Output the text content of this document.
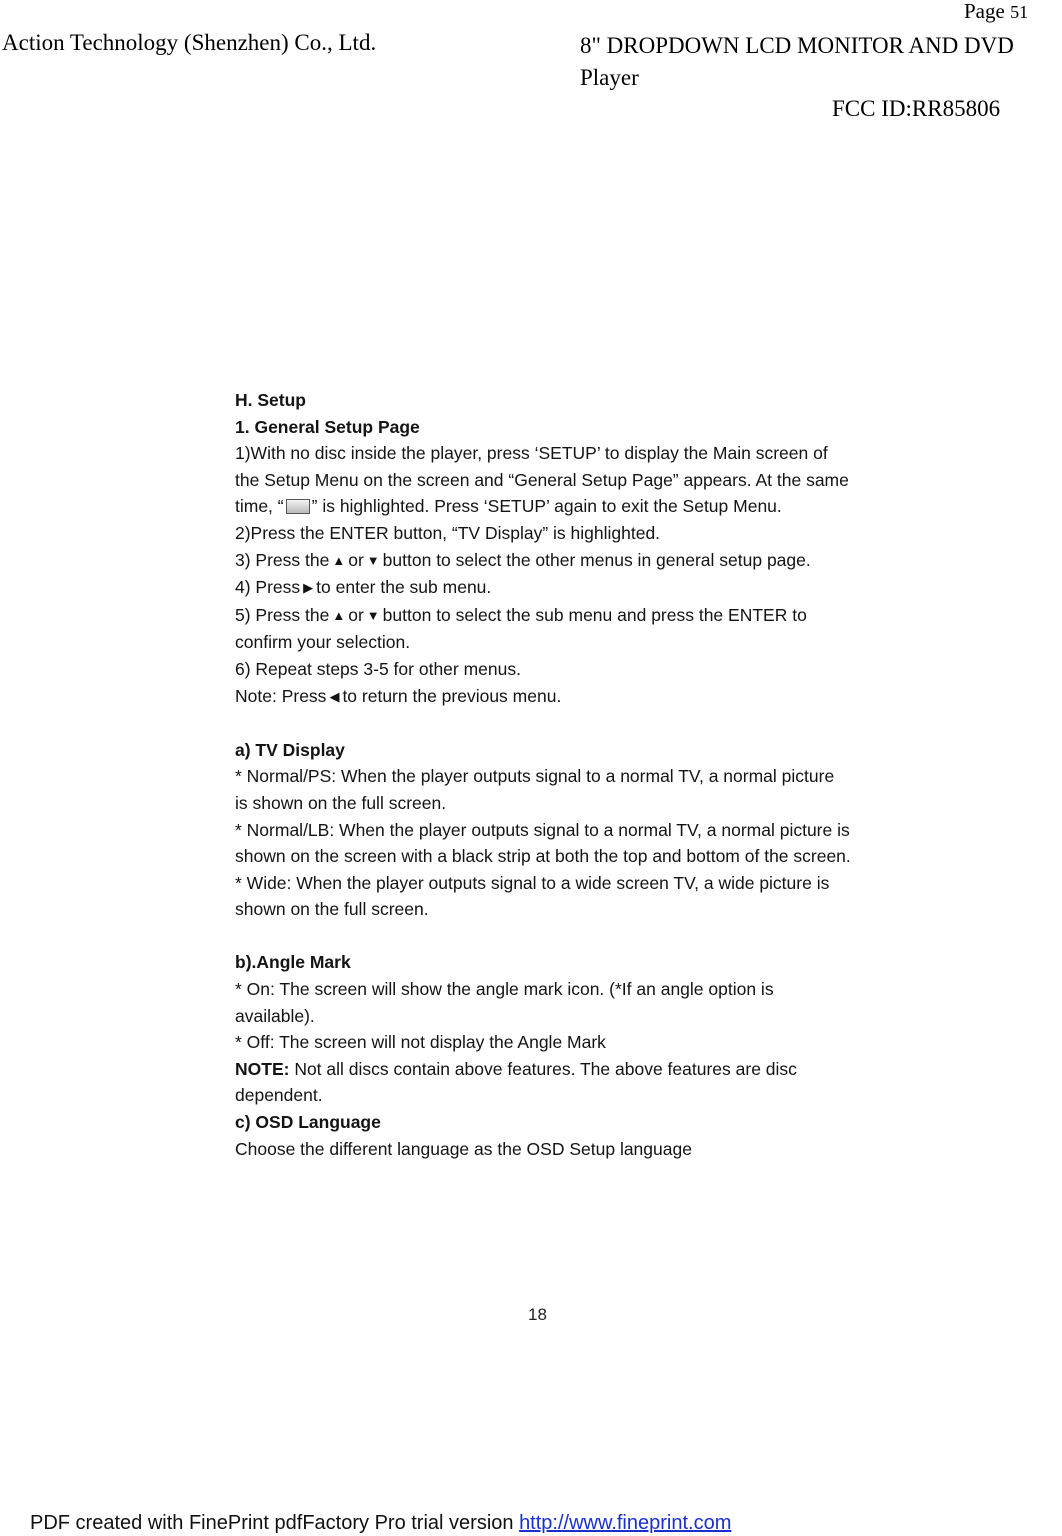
Page 51
Action Technology (Shenzhen) Co., Ltd.	8" DROPDOWN LCD MONITOR AND DVD Player
FCC ID:RR85806

H. Setup

1. General Setup Page

1)With no disc inside the player, press ‘SETUP’ to display the Main screen of the Setup Menu on the screen and “General Setup Page” appears. At the same time, “ ” is highlighted. Press ‘SETUP’ again to exit the Setup Menu.

2)Press the ENTER button, “TV Display” is highlighted.

3) Press the ▲ or ▼ button to select the other menus in general setup page.

4) Press ▶ to enter the sub menu.

5) Press the ▲ or ▼ button to select the sub menu and press the ENTER to confirm your selection.

6) Repeat steps 3-5 for other menus.

Note: Press ◀ to return the previous menu.

a) TV Display

* Normal/PS: When the player outputs signal to a normal TV, a normal picture is shown on the full screen.

* Normal/LB: When the player outputs signal to a normal TV, a normal picture is shown on the screen with a black strip at both the top and bottom of the screen.

* Wide: When the player outputs signal to a wide screen TV, a wide picture is shown on the full screen.

b).Angle Mark

* On: The screen will show the angle mark icon. (*If an angle option is available).

* Off: The screen will not display the Angle Mark

NOTE: Not all discs contain above features. The above features are disc dependent.

c) OSD Language

Choose the different language as the OSD Setup language

18
PDF created with FinePrint pdfFactory Pro trial version http://www.fineprint.com
